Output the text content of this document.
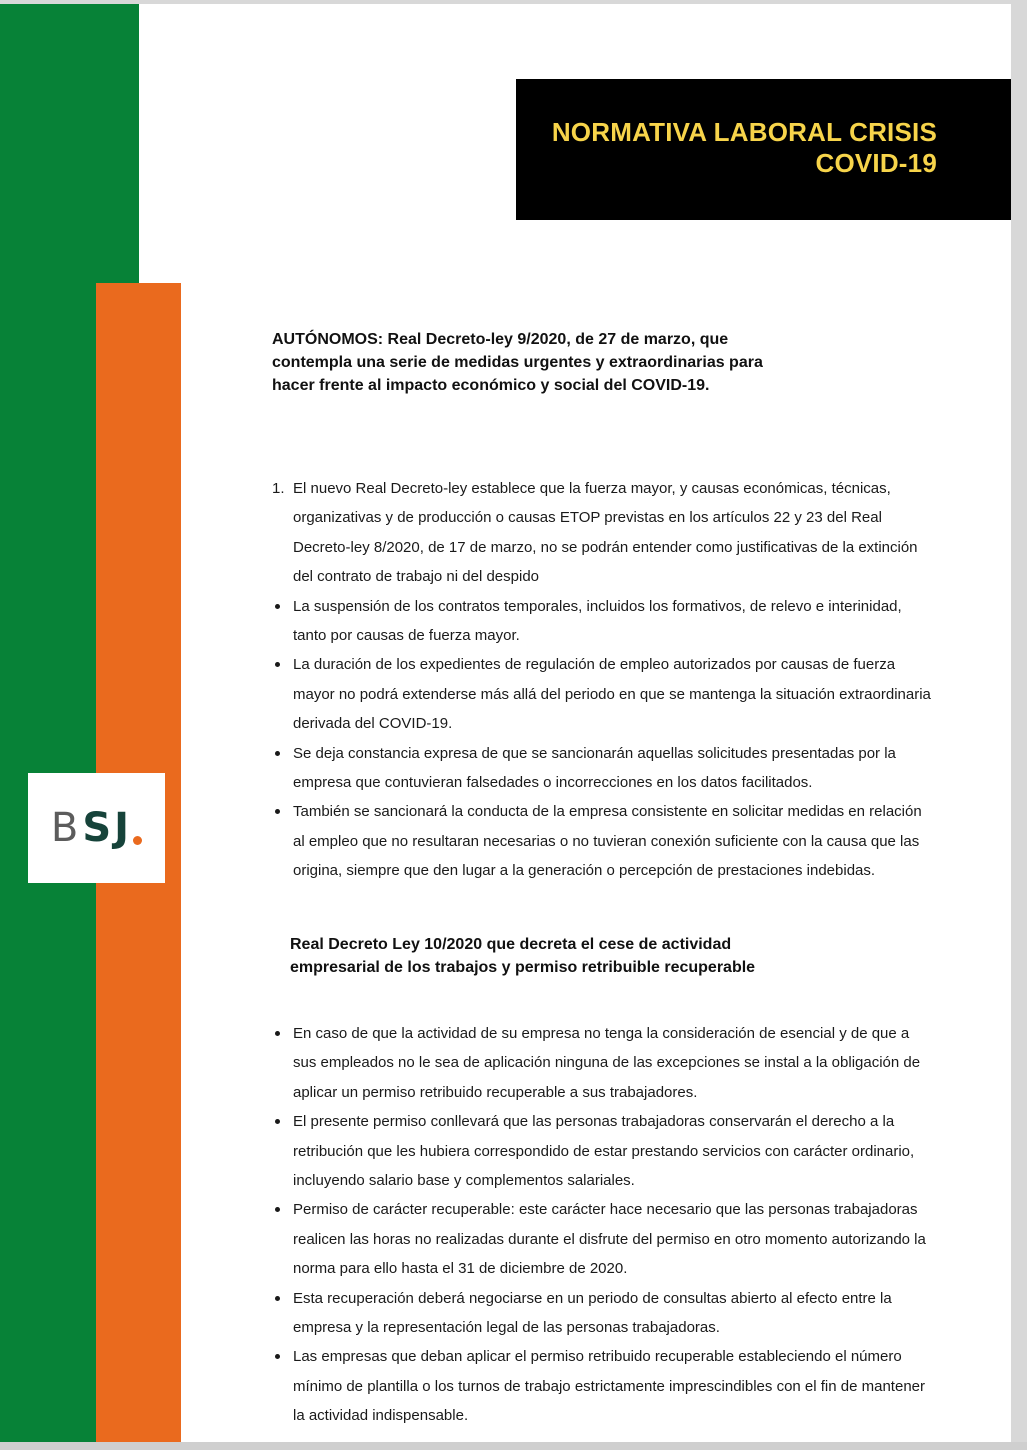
NORMATIVA LABORAL CRISIS
COVID-19
B SJ
AUTÓNOMOS: Real Decreto-ley 9/2020, de 27 de marzo, que contempla una serie de medidas urgentes y extraordinarias para hacer frente al impacto económico y social del COVID-19.
1. El nuevo Real Decreto-ley establece que la fuerza mayor, y causas económicas, técnicas, organizativas y de producción o causas ETOP previstas en los artículos 22 y 23 del Real Decreto-ley 8/2020, de 17 de marzo, no se podrán entender como justificativas de la extinción del contrato de trabajo ni del despido
La suspensión de los contratos temporales, incluidos los formativos, de relevo e interinidad, tanto por causas de fuerza mayor.
La duración de los expedientes de regulación de empleo autorizados por causas de fuerza mayor no podrá extenderse más allá del periodo en que se mantenga la situación extraordinaria derivada del COVID-19.
Se deja constancia expresa de que se sancionarán aquellas solicitudes presentadas por la empresa que contuvieran falsedades o incorrecciones en los datos facilitados.
También se sancionará la conducta de la empresa consistente en solicitar medidas en relación al empleo que no resultaran necesarias o no tuvieran conexión suficiente con la causa que las origina, siempre que den lugar a la generación o percepción de prestaciones indebidas.
Real Decreto Ley 10/2020 que decreta el cese de actividad empresarial de los trabajos y permiso retribuible recuperable
En caso de que la actividad de su empresa no tenga la consideración de esencial y de que a sus empleados no le sea de aplicación ninguna de las excepciones se instal a la obligación de aplicar un permiso retribuido recuperable a sus trabajadores.
El presente permiso conllevará que las personas trabajadoras conservarán el derecho a la retribución que les hubiera correspondido de estar prestando servicios con carácter ordinario, incluyendo salario base y complementos salariales.
Permiso de carácter recuperable: este carácter hace necesario que las personas trabajadoras realicen las horas no realizadas durante el disfrute del permiso en otro momento autorizando la norma para ello hasta el 31 de diciembre de 2020.
Esta recuperación deberá negociarse en un periodo de consultas abierto al efecto entre la empresa y la representación legal de las personas trabajadoras.
Las empresas que deban aplicar el permiso retribuido recuperable estableciendo el número mínimo de plantilla o los turnos de trabajo estrictamente imprescindibles con el fin de mantener la actividad indispensable.
